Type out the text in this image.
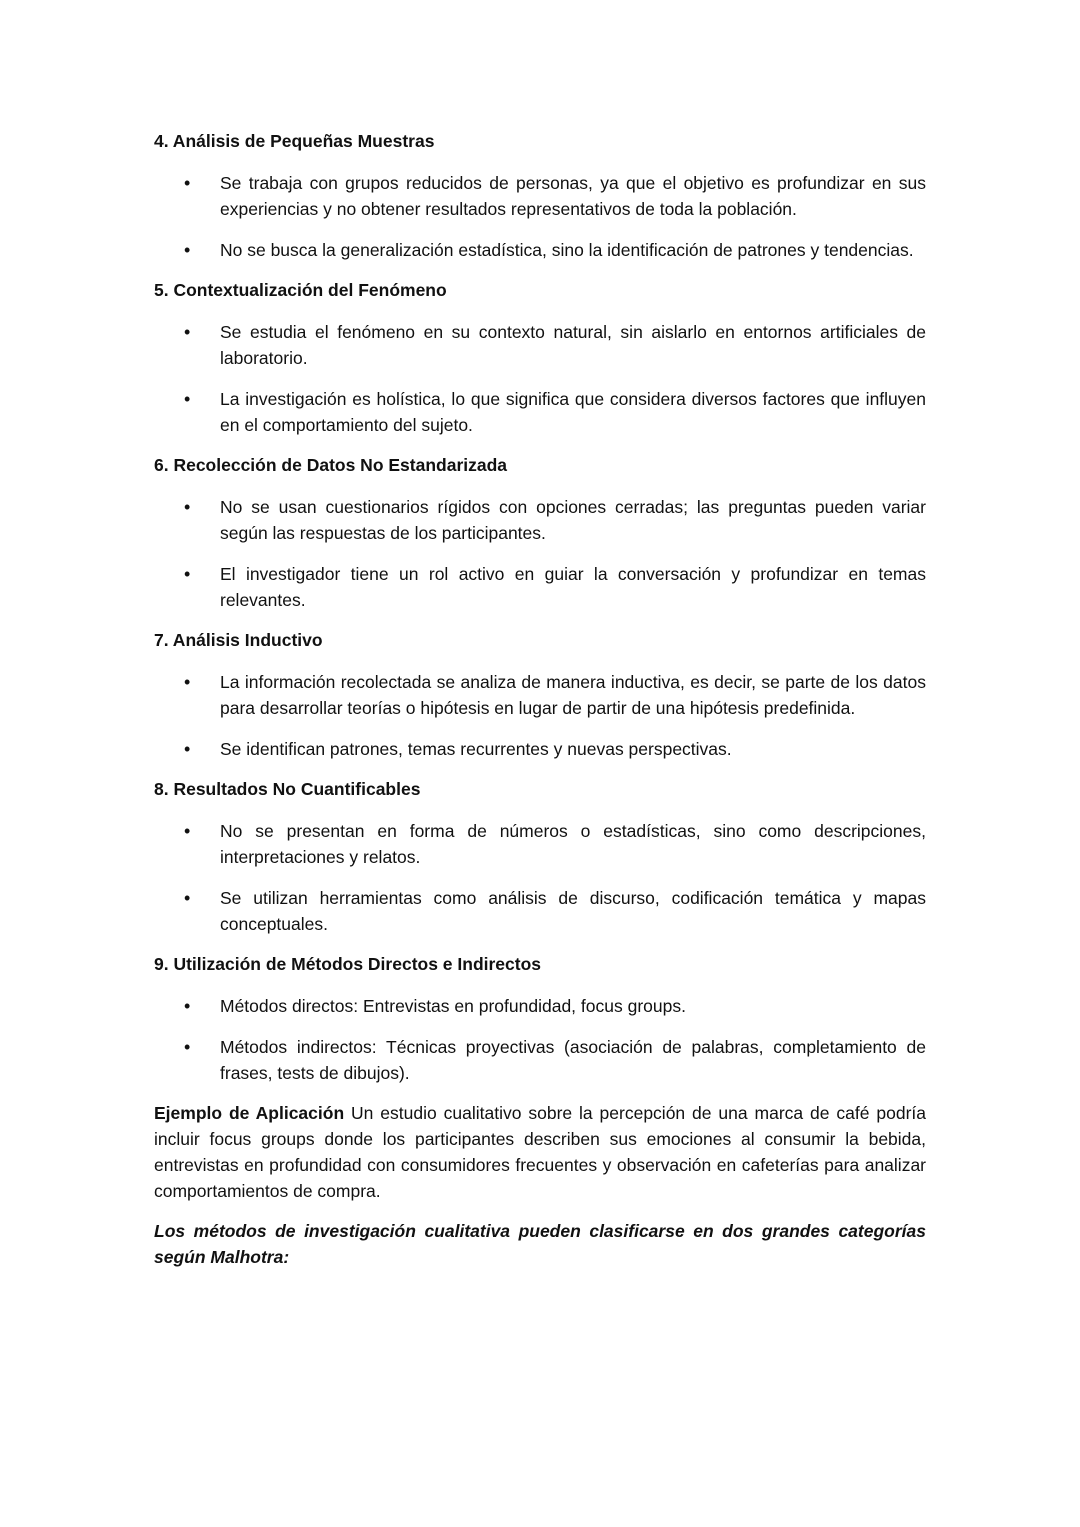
4. Análisis de Pequeñas Muestras

•	Se trabaja con grupos reducidos de personas, ya que el objetivo es profundizar en sus experiencias y no obtener resultados representativos de toda la población.
•	No se busca la generalización estadística, sino la identificación de patrones y tendencias.

5. Contextualización del Fenómeno

•	Se estudia el fenómeno en su contexto natural, sin aislarlo en entornos artificiales de laboratorio.
•	La investigación es holística, lo que significa que considera diversos factores que influyen en el comportamiento del sujeto.

6. Recolección de Datos No Estandarizada

•	No se usan cuestionarios rígidos con opciones cerradas; las preguntas pueden variar según las respuestas de los participantes.
•	El investigador tiene un rol activo en guiar la conversación y profundizar en temas relevantes.

7. Análisis Inductivo

•	La información recolectada se analiza de manera inductiva, es decir, se parte de los datos para desarrollar teorías o hipótesis en lugar de partir de una hipótesis predefinida.
•	Se identifican patrones, temas recurrentes y nuevas perspectivas.

8. Resultados No Cuantificables

•	No se presentan en forma de números o estadísticas, sino como descripciones, interpretaciones y relatos.
•	Se utilizan herramientas como análisis de discurso, codificación temática y mapas conceptuales.

9. Utilización de Métodos Directos e Indirectos

•	Métodos directos: Entrevistas en profundidad, focus groups.
•	Métodos indirectos: Técnicas proyectivas (asociación de palabras, completamiento de frases, tests de dibujos).

Ejemplo de Aplicación Un estudio cualitativo sobre la percepción de una marca de café podría incluir focus groups donde los participantes describen sus emociones al consumir la bebida, entrevistas en profundidad con consumidores frecuentes y observación en cafeterías para analizar comportamientos de compra.

Los métodos de investigación cualitativa pueden clasificarse en dos grandes categorías según Malhotra:
